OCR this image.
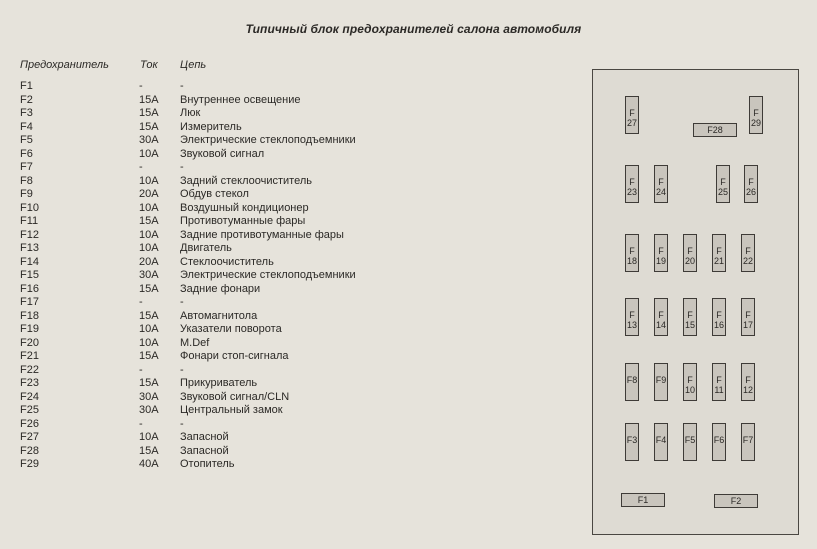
Типичный блок предохранителей салона автомобиля
Предохранитель	Ток Цепь
F1	-	-
F2	15A Внутреннее освещение
F3	15A Люк
F4	15A Измеритель
F5	30A Электрические стеклоподъемники
F6	10A Звуковой сигнал
F7	-	-
F8	10A Задний стеклоочиститель
F9	20A Обдув стекол
F10	10A Воздушный кондиционер
F11	15A Противотуманные фары
F12	10A Задние противотуманные фары
F13	10A Двигатель
F14	20A Стеклоочиститель
F15	30A Электрические стеклоподъемники
F16	15A Задние фонари
F17	-	-
F18	15A Автомагнитола
F19	10A Указатели поворота
F20	10A M.Def
F21	15A Фонари стоп-сигнала
F22	-	-
F23	15A Прикуриватель
F24	30A Звуковой сигнал/CLN
F25	30A Центральный замок
F26	-	-
F27	10A Запасной
F28	15A Запасной
F29	40A Отопитель
F 27
F 29
F 23
F 24
F 25
F 26
F 18
F 19
F 20
F 21
F 22
F 13
F 14
F 15
F 16
F 17
F8 F9	F 10
F 11
F 12
F3 F4 F5 F6 F7
F28
F1	F2
